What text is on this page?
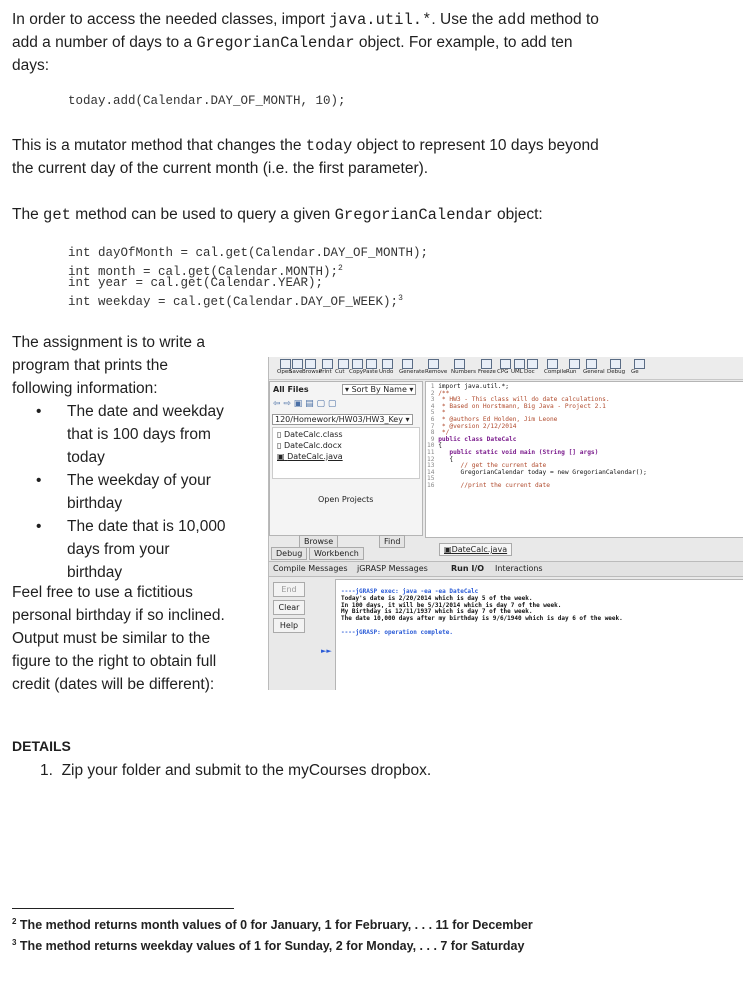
In order to access the needed classes, import java.util.*. Use the add method to
add a number of days to a GregorianCalendar object. For example, to add ten
days:
today.add(Calendar.DAY_OF_MONTH, 10);
This is a mutator method that changes the today object to represent 10 days beyond
the current day of the current month (i.e. the first parameter).
The get method can be used to query a given GregorianCalendar object:
int dayOfMonth = cal.get(Calendar.DAY_OF_MONTH);
int month = cal.get(Calendar.MONTH);$^2$
int year = cal.get(Calendar.YEAR);
int weekday = cal.get(Calendar.DAY_OF_WEEK);$^3$
The assignment is to write a
program that prints the
following information:
• The date and weekday
that is 100 days from
today
• The weekday of your
birthday
• The date that is 10,000
days from your
birthday
Feel free to use a fictitious
personal birthday if so inclined.
Output must be similar to the
figure to the right to obtain full
credit (dates will be different):
Open
Save Browse
Print Cut Copy Paste Undo Generate Remove Numbers Freeze CPG UML Doc Compile Run General Debug Ge
All Files	▾ Sort By Name ▾
⇦ ⇨ ▣ ▤ ▢ ▢
120/Homework/HW03/HW3_Key ▾
▯ DateCalc.class
▯ DateCalc.docx
▣ DateCalc.java
Open Projects
Browse	Find
Debug	Workbench
1 import java.util.*;
2 /**
3  * HW3 - This class will do date calculations.
4  * Based on Horstmann, Big Java - Project 2.1
5  *
6  * @authors Ed Holden, Jim Leone
7  * @version 2/12/2014
8  */
9 public class DateCalc
10 {
11    public static void main (String [] args)
12    {
13       // get the current date
14       GregorianCalendar today = new GregorianCalendar();
15
16       //print the current date
▣DateCalc.java
Compile Messages jGRASP Messages	Run I/O Interactions
End
Clear
Help
----jGRASP exec: java -ea -ea DateCalc
Today's date is 2/20/2014 which is day 5 of the week.
In 100 days, it will be 5/31/2014 which is day 7 of the week.
My Birthday is 12/11/1937 which is day 7 of the week.
The date 10,000 days after my birthday is 9/6/1940 which is day 6 of the week.

----jGRASP: operation complete.
►►
DETAILS
1. Zip your folder and submit to the myCourses dropbox.
$^2$ The method returns month values of 0 for January, 1 for February, . . . 11 for December
$^3$ The method returns weekday values of 1 for Sunday, 2 for Monday, . . . 7 for Saturday
